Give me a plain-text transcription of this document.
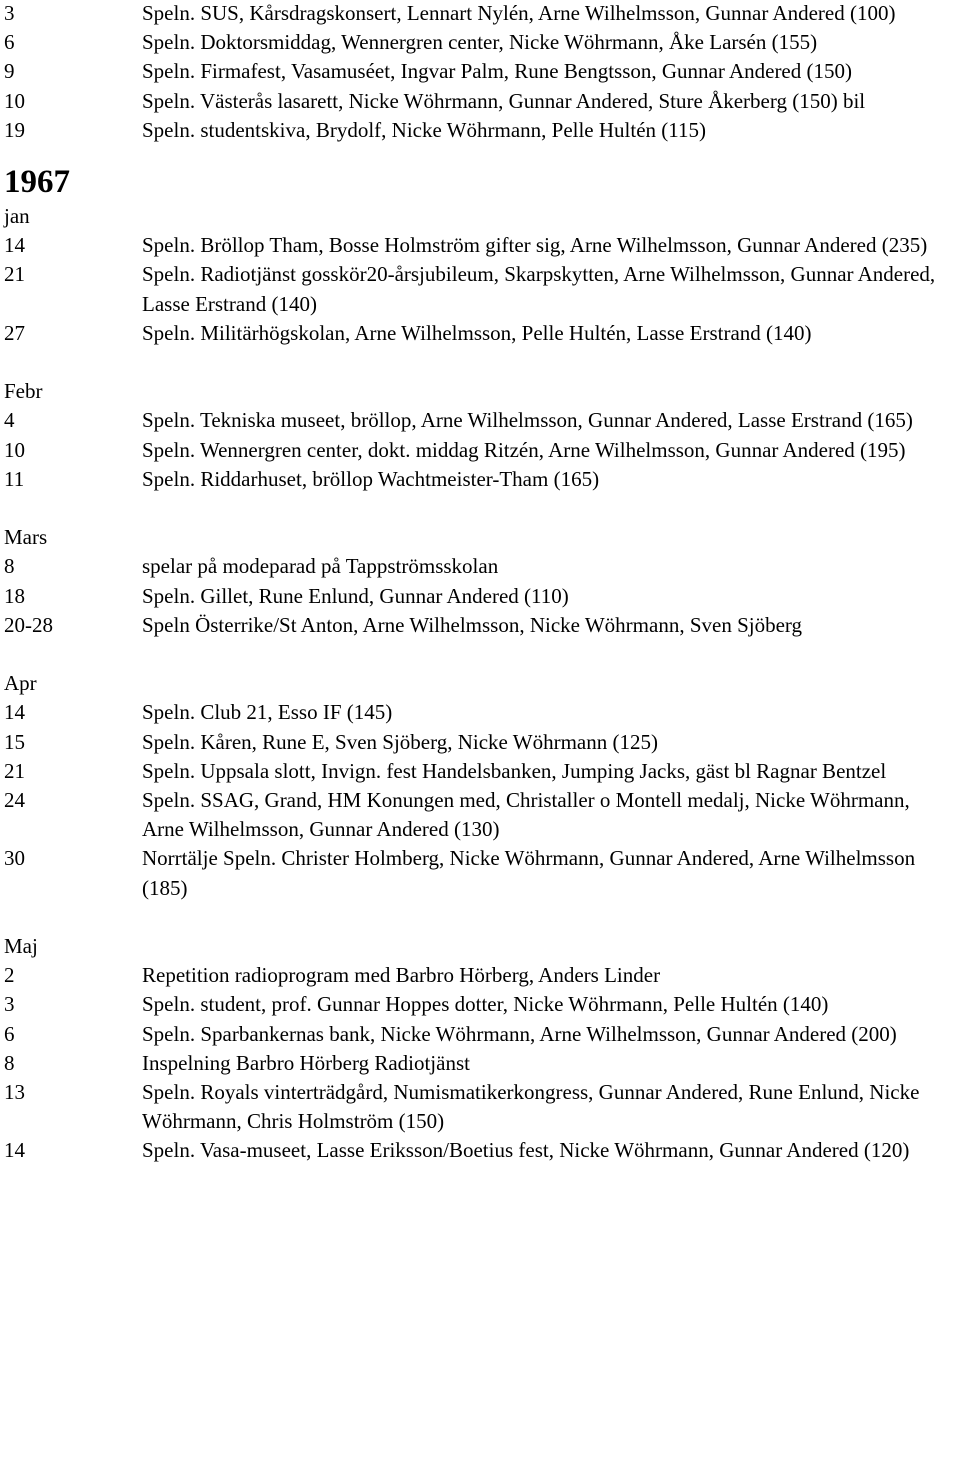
3	Speln. SUS, Kårsdragskonsert, Lennart Nylén, Arne Wilhelmsson, Gunnar Andered (100)
6	Speln. Doktorsmiddag, Wennergren center, Nicke Wöhrmann, Åke Larsén (155)
9	Speln. Firmafest, Vasamuséet, Ingvar Palm, Rune Bengtsson, Gunnar Andered (150)
10	Speln. Västerås lasarett, Nicke Wöhrmann, Gunnar Andered, Sture Åkerberg (150) bil
19	Speln. studentskiva, Brydolf, Nicke Wöhrmann, Pelle Hultén (115)
1967
jan
14	Speln. Bröllop Tham, Bosse Holmström gifter sig, Arne Wilhelmsson, Gunnar Andered (235)
21	Speln. Radiotjänst gosskör20-årsjubileum, Skarpskytten, Arne Wilhelmsson, Gunnar Andered, Lasse Erstrand (140)
27	Speln. Militärhögskolan, Arne Wilhelmsson, Pelle Hultén, Lasse Erstrand (140)
Febr
4	Speln. Tekniska museet, bröllop, Arne Wilhelmsson, Gunnar Andered, Lasse Erstrand (165)
10	Speln. Wennergren center, dokt. middag Ritzén, Arne Wilhelmsson, Gunnar Andered (195)
11	Speln. Riddarhuset, bröllop Wachtmeister-Tham (165)
Mars
8	spelar på modeparad på Tappströmsskolan
18	Speln. Gillet, Rune Enlund, Gunnar Andered (110)
20-28	Speln Österrike/St Anton, Arne Wilhelmsson, Nicke Wöhrmann, Sven Sjöberg
Apr
14	Speln. Club 21, Esso IF (145)
15	Speln. Kåren, Rune E, Sven Sjöberg, Nicke Wöhrmann (125)
21	Speln. Uppsala slott, Invign. fest Handelsbanken, Jumping Jacks, gäst bl Ragnar Bentzel
24	Speln. SSAG, Grand, HM Konungen med, Christaller o Montell medalj, Nicke Wöhrmann, Arne Wilhelmsson, Gunnar Andered (130)
30	Norrtälje Speln. Christer Holmberg, Nicke Wöhrmann, Gunnar Andered, Arne Wilhelmsson (185)
Maj
2	Repetition radioprogram med Barbro Hörberg, Anders Linder
3	Speln. student, prof. Gunnar Hoppes dotter, Nicke Wöhrmann, Pelle Hultén (140)
6	Speln. Sparbankernas bank, Nicke Wöhrmann, Arne Wilhelmsson, Gunnar Andered (200)
8	Inspelning Barbro Hörberg Radiotjänst
13	Speln. Royals vinterträdgård, Numismatikerkongress, Gunnar Andered, Rune Enlund, Nicke Wöhrmann, Chris Holmström (150)
14	Speln. Vasa-museet, Lasse Eriksson/Boetius fest, Nicke Wöhrmann, Gunnar Andered (120)
